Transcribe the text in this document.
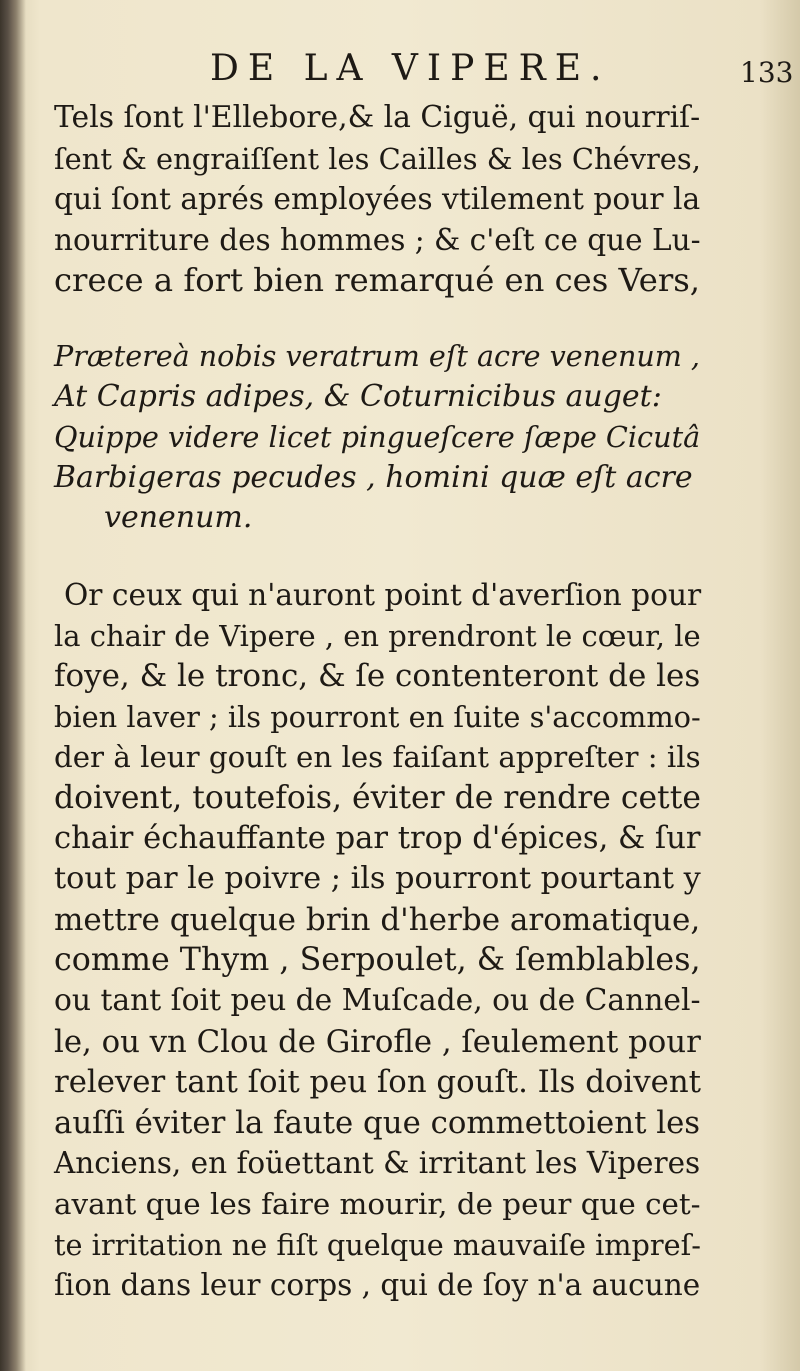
DE LA VIPERE.	133
Tels ſont l'Ellebore,& la Ciguë, qui nourriſ-
ſent & engraiſſent les Cailles & les Chévres,
qui ſont aprés employées vtilement pour la
nourriture des hommes ; & c'eſt ce que Lu-
crece a fort bien remarqué en ces Vers,
Prætereà nobis veratrum eſt acre venenum ,
At Capris adipes, & Coturnicibus auget:
Quippe videre licet pingueſcere ſæpe Cicutâ
Barbigeras pecudes , homini quæ eſt acre
venenum.
Or ceux qui n'auront point d'averſion pour
la chair de Vipere , en prendront le cœur, le
foye, & le tronc, & ſe contenteront de les
bien laver ; ils pourront en ſuite s'accommo-
der à leur gouſt en les faiſant appreſter : ils
doivent, toutefois, éviter de rendre cette
chair échauffante par trop d'épices, & ſur
tout par le poivre ; ils pourront pourtant y
mettre quelque brin d'herbe aromatique,
comme Thym , Serpoulet, & ſemblables,
ou tant ſoit peu de Muſcade, ou de Cannel-
le, ou vn Clou de Girofle , ſeulement pour
relever tant ſoit peu ſon gouſt. Ils doivent
auſſi éviter la faute que commettoient les
Anciens, en foüettant & irritant les Viperes
avant que les faire mourir, de peur que cet-
te irritation ne fiſt quelque mauvaiſe impreſ-
ſion dans leur corps , qui de ſoy n'a aucune
